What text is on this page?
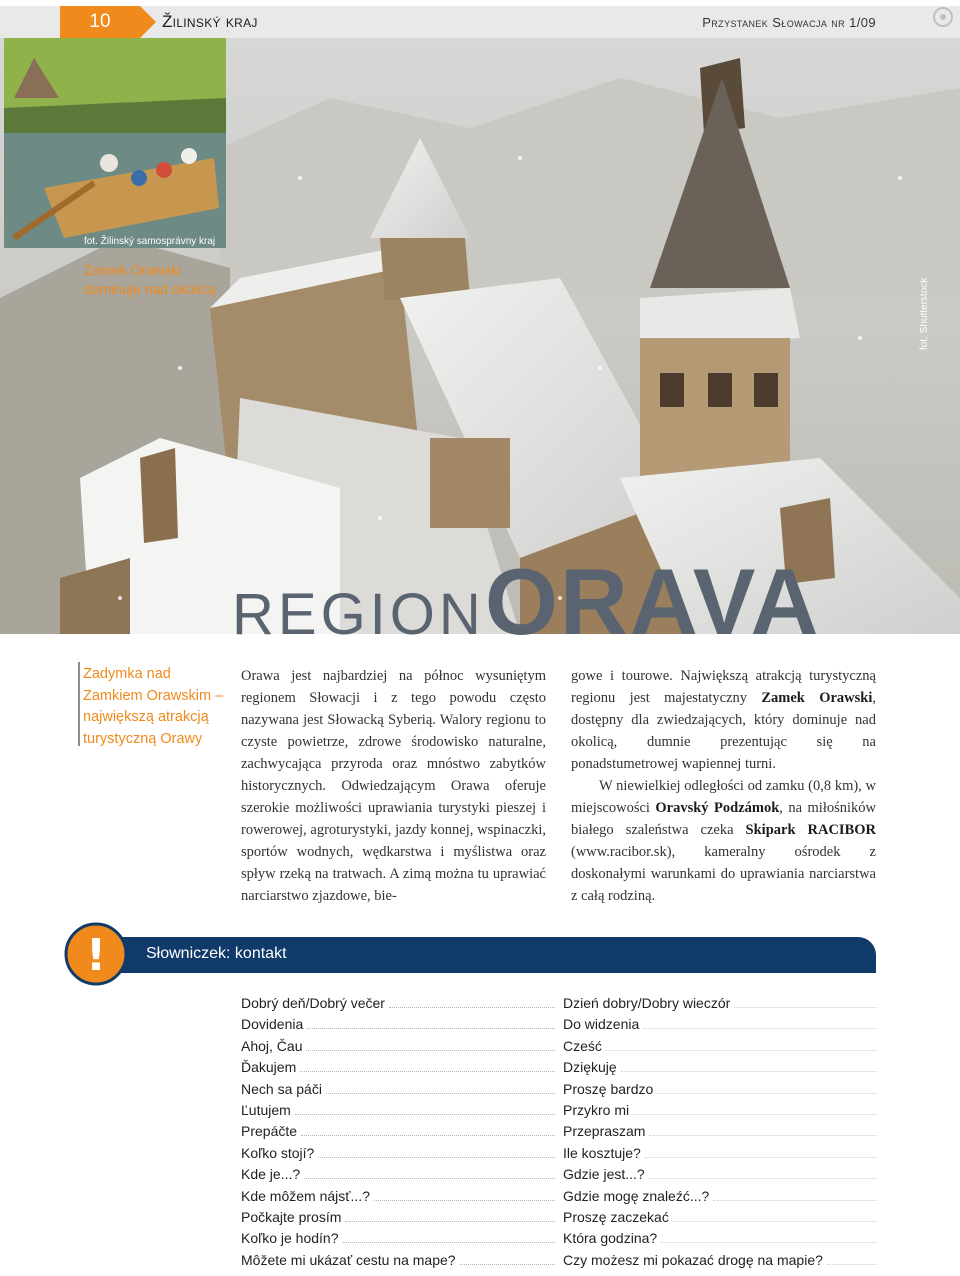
10	Žilinský kraj	Przystanek Słowacja nr 1/09
fot. Žilinský samosprávny kraj
Zamek Orawski dominuje nad okolicą	fot. Shutterstock
REGIONORAVA
Zadymka nad Zamkiem Orawskim – największą atrakcją turystyczną Orawy

Orawa jest najbardziej na północ wysuniętym regionem Słowacji i z tego powodu często nazywana jest Słowacką Syberią. Walory regionu to czyste powietrze, zdrowe środowisko naturalne, zachwycająca przyroda oraz mnóstwo zabytków historycznych. Odwiedzającym Orawa oferuje szerokie możliwości uprawiania turystyki pieszej i rowerowej, agroturystyki, jazdy konnej, wspinaczki, sportów wodnych, wędkarstwa i myślistwa oraz spływ rzeką na tratwach. A zimą można tu uprawiać narciarstwo zjazdowe, bie-

gowe i tourowe. Największą atrakcją turystyczną regionu jest majestatyczny Zamek Orawski, dostępny dla zwiedzających, który dominuje nad okolicą, dumnie prezentując się na ponadstumetrowej wapiennej turni.

W niewielkiej odległości od zamku (0,8 km), w miejscowości Oravský Podzámok, na miłośników białego szaleństwa czeka Skipark RACIBOR (www.racibor.sk), kameralny ośrodek z doskonałymi warunkami do uprawiania narciarstwa z całą rodziną.

! Słowniczek: kontakt
Dobrý deň/Dobrý večer	Dzień dobry/Dobry wieczór
Dovidenia	Do widzenia
Ahoj, Čau	Cześć
Ďakujem	Dziękuję
Nech sa páči	Proszę bardzo
Ľutujem	Przykro mi
Prepáčte	Przepraszam
Koľko stojí?	Ile kosztuje?
Kde je...?	Gdzie jest...?
Kde môžem nájsť...?	Gdzie mogę znaleźć...?
Počkajte prosím	Proszę zaczekać
Koľko je hodín?	Która godzina?
Môžete mi ukázať cestu na mape?	Czy możesz mi pokazać drogę na mapie?
